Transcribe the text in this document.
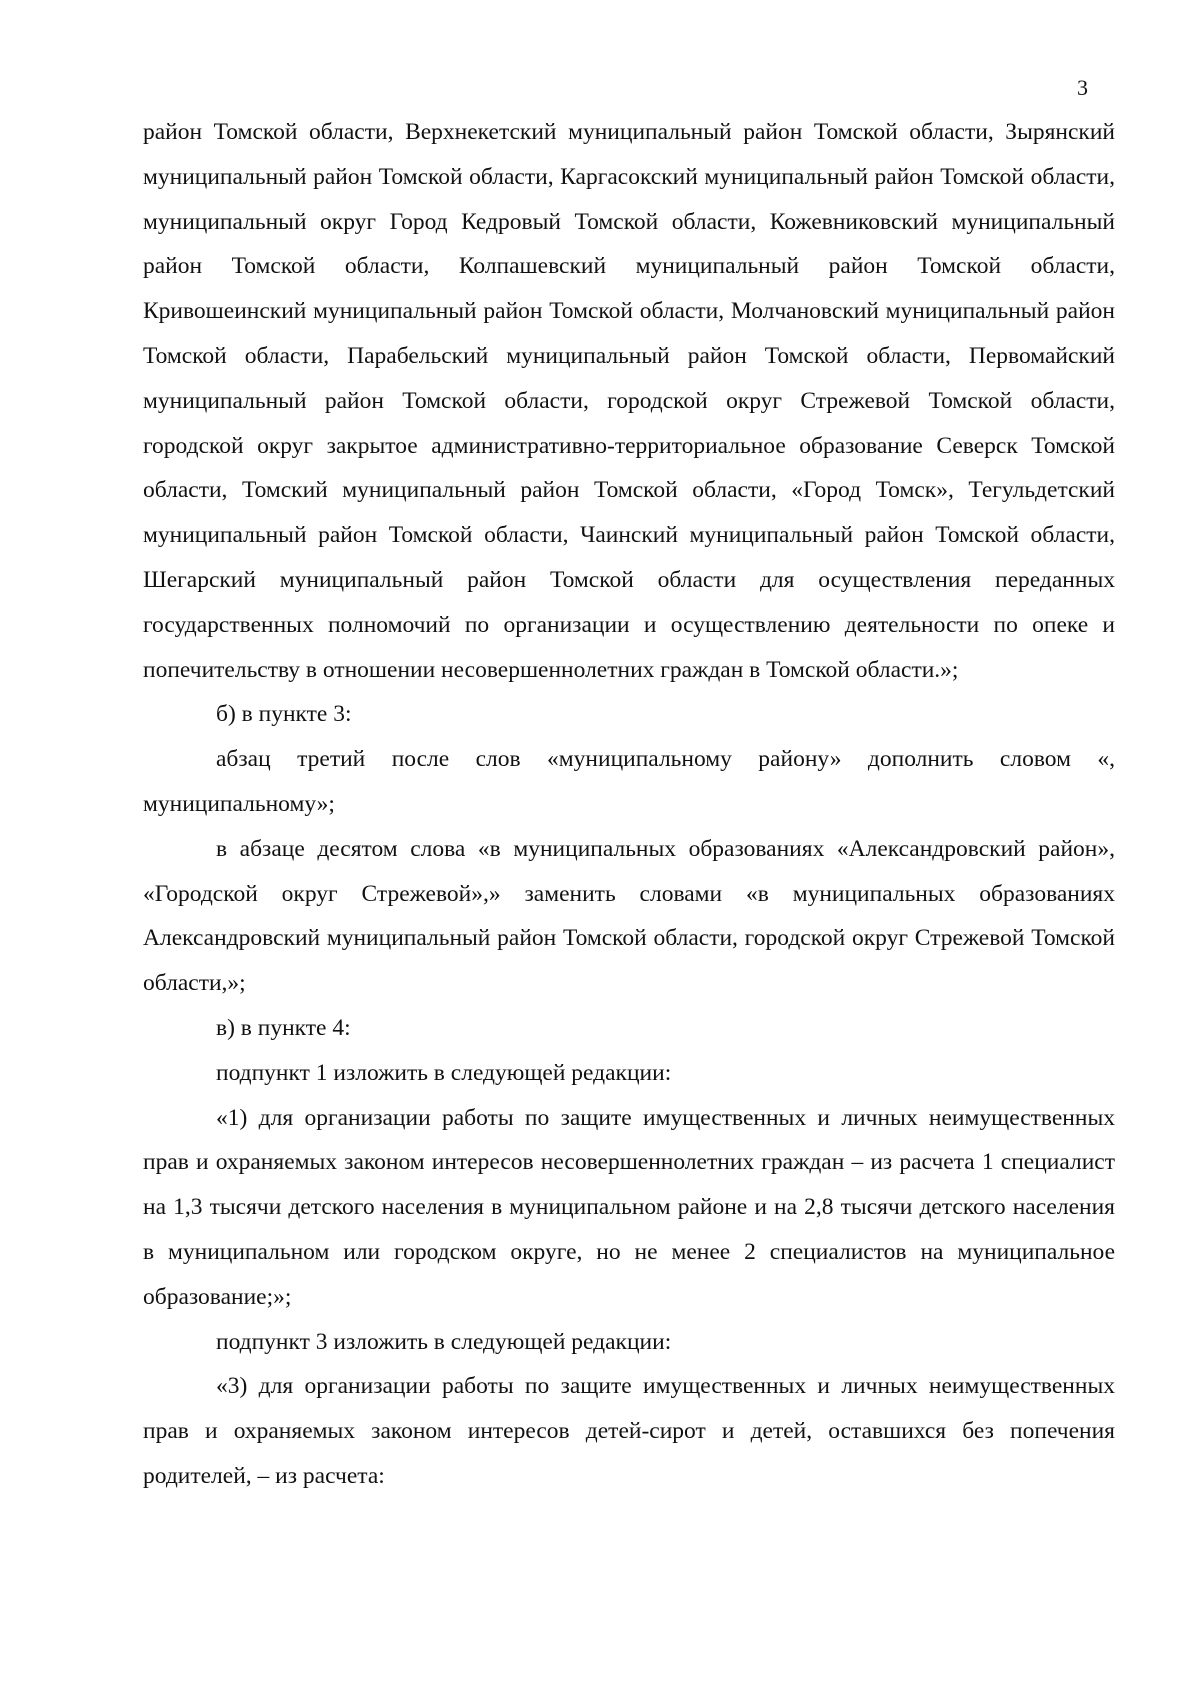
3

район Томской области, Верхнекетский муниципальный район Томской области, Зырянский муниципальный район Томской области, Каргасокский муниципальный район Томской области, муниципальный округ Город Кедровый Томской области, Кожевниковский муниципальный район Томской области, Колпашевский муниципальный район Томской области, Кривошеинский муниципальный район Томской области, Молчановский муниципальный район Томской области, Парабельский муниципальный район Томской области, Первомайский муниципальный район Томской области, городской округ Стрежевой Томской области, городской округ закрытое административно-территориальное образование Северск Томской области, Томский муниципальный район Томской области, «Город Томск», Тегульдетский муниципальный район Томской области, Чаинский муниципальный район Томской области, Шегарский муниципальный район Томской области для осуществления переданных государственных полномочий по организации и осуществлению деятельности по опеке и попечительству в отношении несовершеннолетних граждан в Томской области.»;

б) в пункте 3:

абзац третий после слов «муниципальному району» дополнить словом «, муниципальному»;

в абзаце десятом слова «в муниципальных образованиях «Александровский район», «Городской округ Стрежевой»,» заменить словами «в муниципальных образованиях Александровский муниципальный район Томской области, городской округ Стрежевой Томской области,»;

в) в пункте 4:

подпункт 1 изложить в следующей редакции:

«1) для организации работы по защите имущественных и личных неимущественных прав и охраняемых законом интересов несовершеннолетних граждан – из расчета 1 специалист на 1,3 тысячи детского населения в муниципальном районе и на 2,8 тысячи детского населения в муниципальном или городском округе, но не менее 2 специалистов на муниципальное образование;»;

подпункт 3 изложить в следующей редакции:

«3) для организации работы по защите имущественных и личных неимущественных прав и охраняемых законом интересов детей-сирот и детей, оставшихся без попечения родителей, – из расчета:
